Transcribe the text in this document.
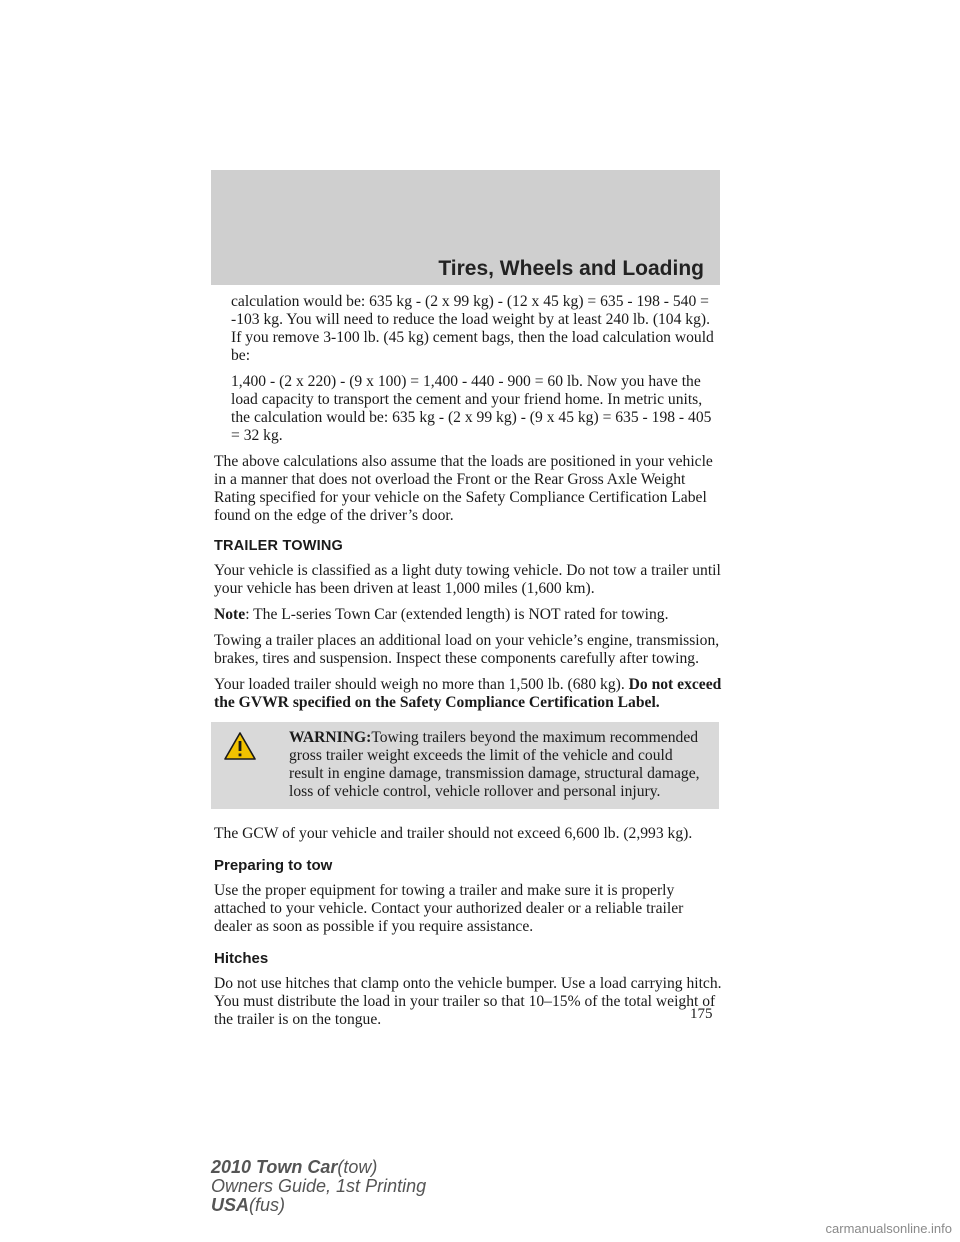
Tires, Wheels and Loading

calculation would be: 635 kg - (2 x 99 kg) - (12 x 45 kg) = 635 - 198 - 540 = -103 kg. You will need to reduce the load weight by at least 240 lb. (104 kg). If you remove 3-100 lb. (45 kg) cement bags, then the load calculation would be:

1,400 - (2 x 220) - (9 x 100) = 1,400 - 440 - 900 = 60 lb. Now you have the load capacity to transport the cement and your friend home. In metric units, the calculation would be: 635 kg - (2 x 99 kg) - (9 x 45 kg) = 635 - 198 - 405 = 32 kg.

The above calculations also assume that the loads are positioned in your vehicle in a manner that does not overload the Front or the Rear Gross Axle Weight Rating specified for your vehicle on the Safety Compliance Certification Label found on the edge of the driver’s door.

TRAILER TOWING

Your vehicle is classified as a light duty towing vehicle. Do not tow a trailer until your vehicle has been driven at least 1,000 miles (1,600 km).

Note: The L-series Town Car (extended length) is NOT rated for towing.

Towing a trailer places an additional load on your vehicle’s engine, transmission, brakes, tires and suspension. Inspect these components carefully after towing.

Your loaded trailer should weigh no more than 1,500 lb. (680 kg). Do not exceed the GVWR specified on the Safety Compliance Certification Label.

WARNING:Towing trailers beyond the maximum recommended gross trailer weight exceeds the limit of the vehicle and could result in engine damage, transmission damage, structural damage, loss of vehicle control, vehicle rollover and personal injury.

The GCW of your vehicle and trailer should not exceed 6,600 lb. (2,993 kg).

Preparing to tow

Use the proper equipment for towing a trailer and make sure it is properly attached to your vehicle. Contact your authorized dealer or a reliable trailer dealer as soon as possible if you require assistance.

Hitches

Do not use hitches that clamp onto the vehicle bumper. Use a load carrying hitch. You must distribute the load in your trailer so that 10–15% of the total weight of the trailer is on the tongue.	175
2010 Town Car(tow)
Owners Guide, 1st Printing
USA(fus)
carmanualsonline.info
